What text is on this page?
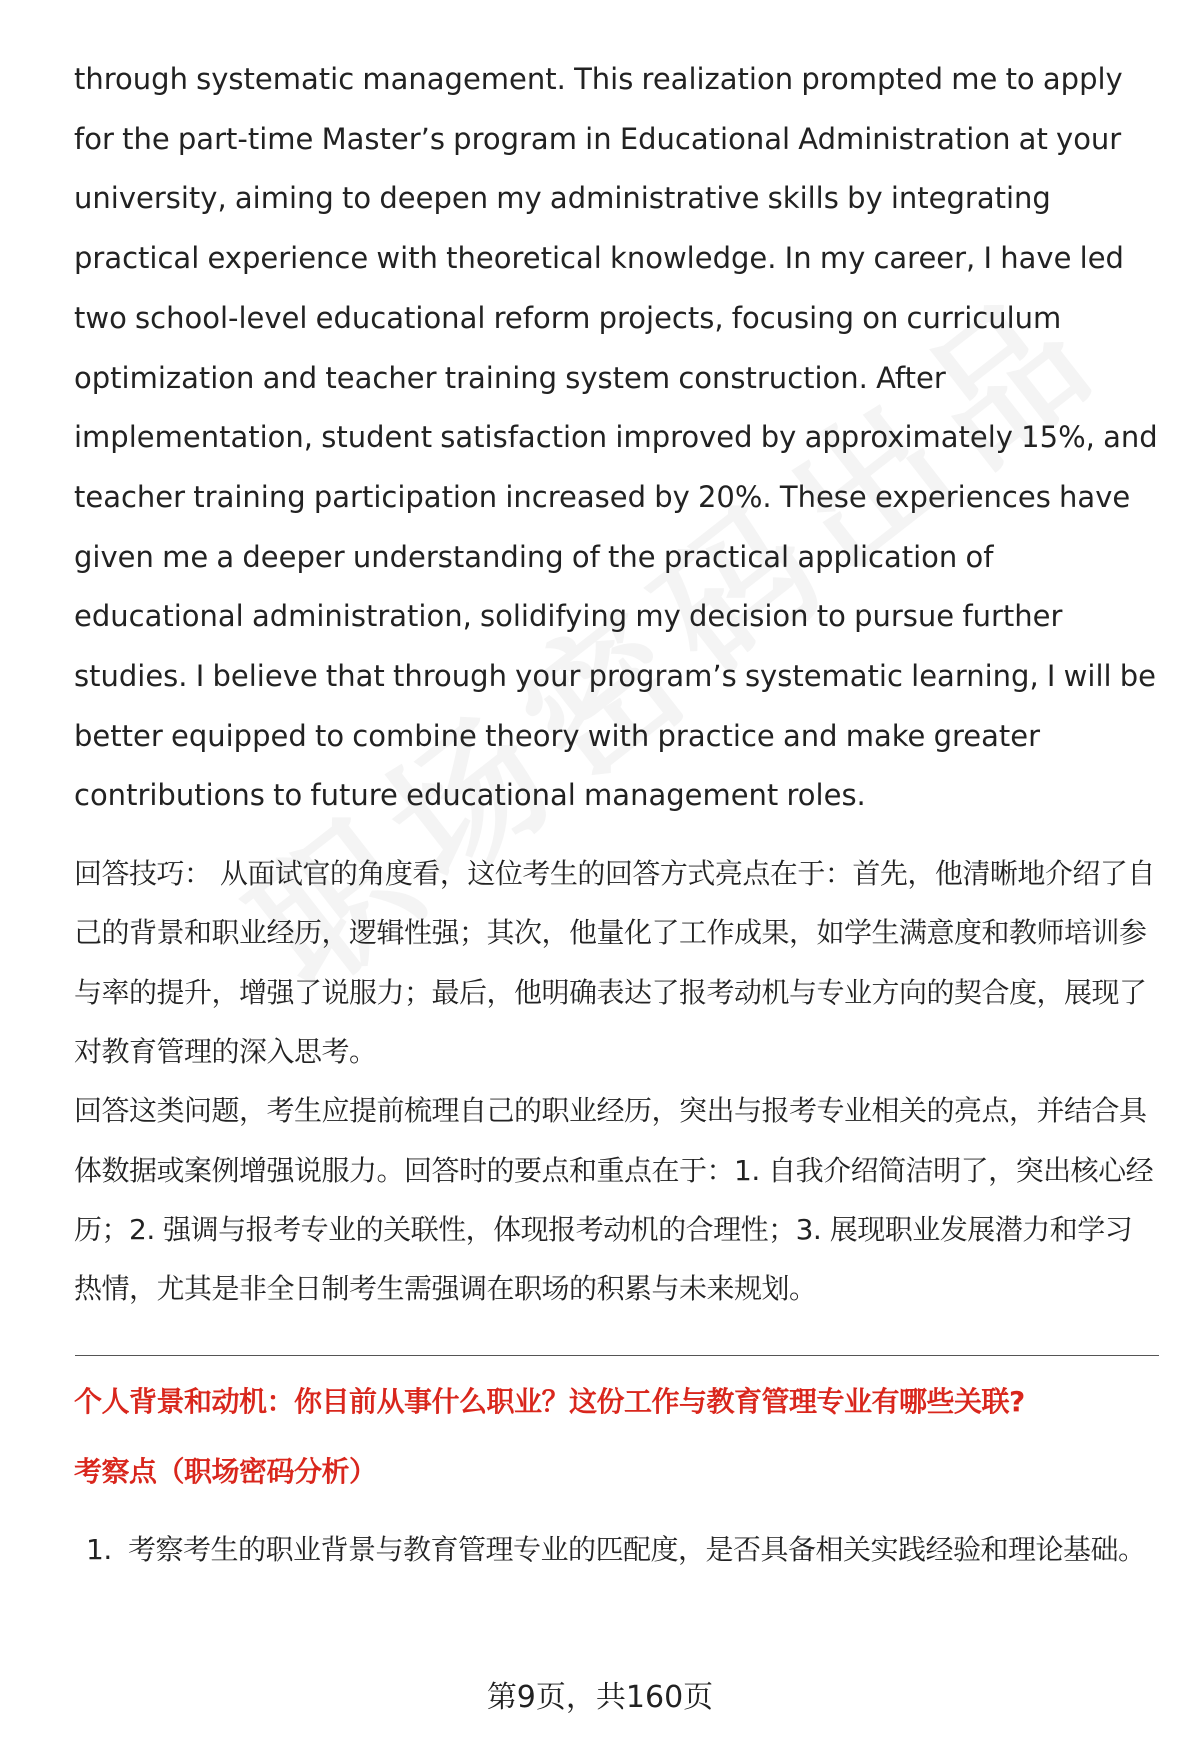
through systematic management. This realization prompted me to apply for the part-time Master’s program in Educational Administration at your university, aiming to deepen my administrative skills by integrating practical experience with theoretical knowledge. In my career, I have led two school-level educational reform projects, focusing on curriculum optimization and teacher training system construction. After implementation, student satisfaction improved by approximately 15%, and teacher training participation increased by 20%. These experiences have given me a deeper understanding of the practical application of educational administration, solidifying my decision to pursue further studies. I believe that through your program’s systematic learning, I will be better equipped to combine theory with practice and make greater contributions to future educational management roles.

回答技巧： 从面试官的角度看，这位考生的回答方式亮点在于：首先，他清晰地介绍了自己的背景和职业经历，逻辑性强；其次，他量化了工作成果，如学生满意度和教师培训参与率的提升，增强了说服力；最后，他明确表达了报考动机与专业方向的契合度，展现了对教育管理的深入思考。

回答这类问题，考生应提前梳理自己的职业经历，突出与报考专业相关的亮点，并结合具体数据或案例增强说服力。回答时的要点和重点在于：1. 自我介绍简洁明了，突出核心经历；2. 强调与报考专业的关联性，体现报考动机的合理性；3. 展现职业发展潜力和学习热情，尤其是非全日制考生需强调在职场的积累与未来规划。

个人背景和动机：你目前从事什么职业？这份工作与教育管理专业有哪些关联?

考察点（职场密码分析）

1. 考察考生的职业背景与教育管理专业的匹配度，是否具备相关实践经验和理论基础。
第9页，共160页
